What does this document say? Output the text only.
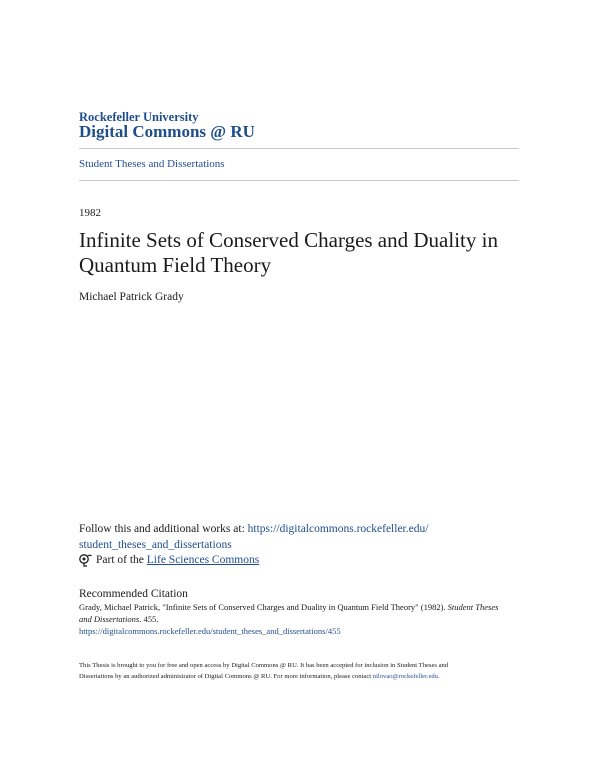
Rockefeller University
Digital Commons @ RU
Student Theses and Dissertations
1982
Infinite Sets of Conserved Charges and Duality in Quantum Field Theory
Michael Patrick Grady
Follow this and additional works at: https://digitalcommons.rockefeller.edu/
student_theses_and_dissertations
Part of the
Life Sciences Commons
Recommended Citation
Grady, Michael Patrick, "Infinite Sets of Conserved Charges and Duality in Quantum Field Theory" (1982). Student Theses and Dissertations. 455.
https://digitalcommons.rockefeller.edu/student_theses_and_dissertations/455
This Thesis is brought to you for free and open access by Digital Commons @ RU. It has been accepted for inclusion in Student Theses and
Dissertations by an authorized administrator of Digital Commons @ RU. For more information, please contact nilovao@rockefeller.edu.
